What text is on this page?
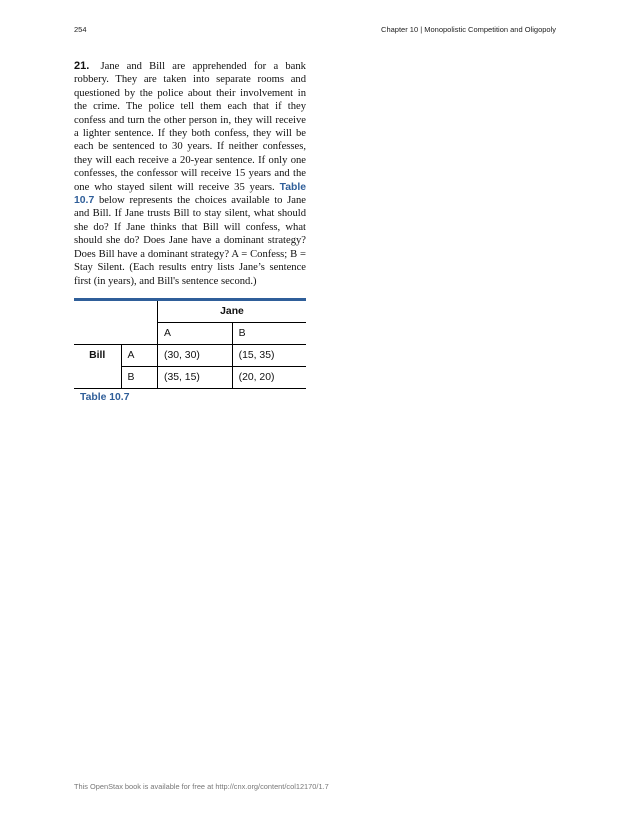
254	Chapter 10 | Monopolistic Competition and Oligopoly
21. Jane and Bill are apprehended for a bank robbery. They are taken into separate rooms and questioned by the police about their involvement in the crime. The police tell them each that if they confess and turn the other person in, they will receive a lighter sentence. If they both confess, they will be each be sentenced to 30 years. If neither confesses, they will each receive a 20-year sentence. If only one confesses, the confessor will receive 15 years and the one who stayed silent will receive 35 years. Table 10.7 below represents the choices available to Jane and Bill. If Jane trusts Bill to stay silent, what should she do? If Jane thinks that Bill will confess, what should she do? Does Jane have a dominant strategy? Does Bill have a dominant strategy? A = Confess; B = Stay Silent. (Each results entry lists Jane’s sentence first (in years), and Bill's sentence second.)
		Jane	
		A	B
Bill	A	(30, 30)	(15, 35)
	B	(35, 15)	(20, 20)
Table 10.7
This OpenStax book is available for free at http://cnx.org/content/col12170/1.7
